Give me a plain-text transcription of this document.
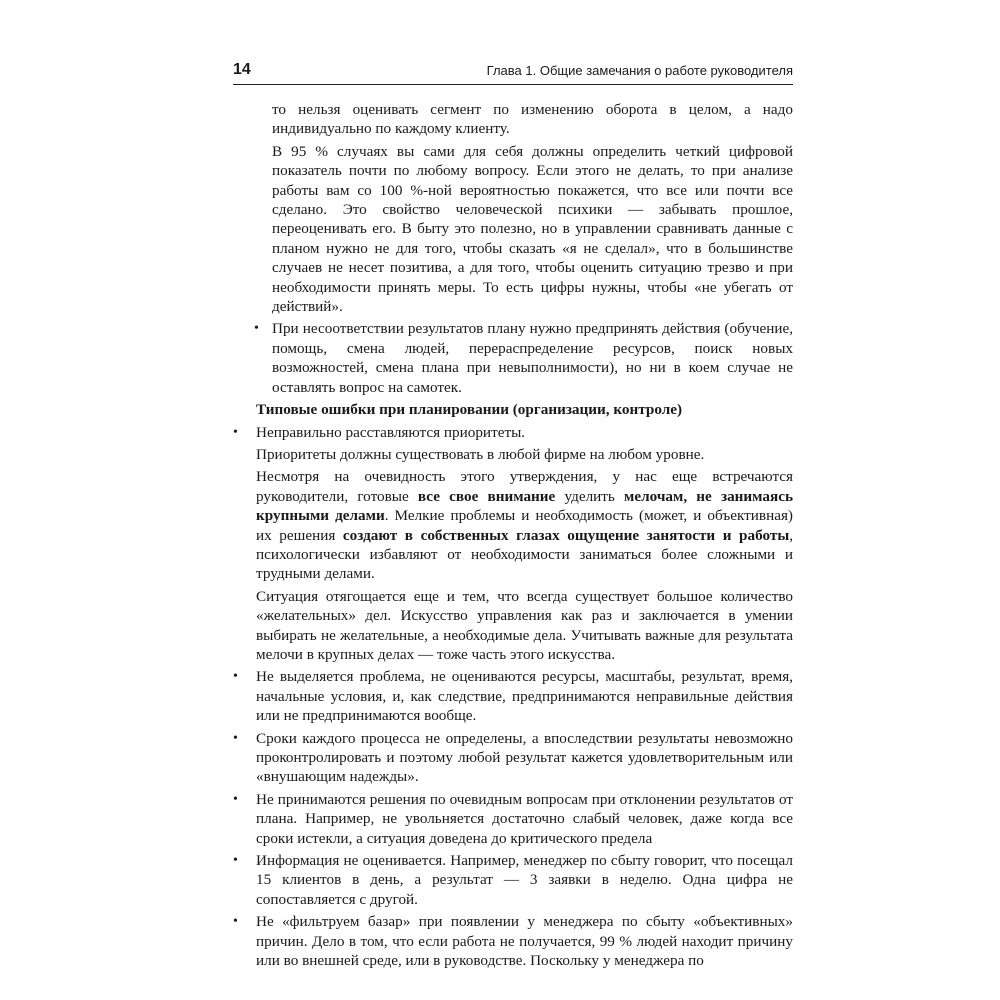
14	Глава 1. Общие замечания о работе руководителя

то нельзя оценивать сегмент по изменению оборота в целом, а надо индивидуально по каждому клиенту.

В 95 % случаях вы сами для себя должны определить четкий цифровой показатель почти по любому вопросу. Если этого не делать, то при анализе работы вам со 100 %-ной вероятностью покажется, что все или почти все сделано. Это свойство человеческой психики — забывать прошлое, переоценивать его. В быту это полезно, но в управлении сравнивать данные с планом нужно не для того, чтобы сказать «я не сделал», что в большинстве случаев не несет позитива, а для того, чтобы оценить ситуацию трезво и при необходимости принять меры. То есть цифры нужны, чтобы «не убегать от действий».

• При несоответствии результатов плану нужно предпринять действия (обучение, помощь, смена людей, перераспределение ресурсов, поиск новых возможностей, смена плана при невыполнимости), но ни в коем случае не оставлять вопрос на самотек.

Типовые ошибки при планировании (организации, контроле)

• Неправильно расставляются приоритеты.

Приоритеты должны существовать в любой фирме на любом уровне.

Несмотря на очевидность этого утверждения, у нас еще встречаются руководители, готовые все свое внимание уделить мелочам, не занимаясь крупными делами. Мелкие проблемы и необходимость (может, и объективная) их решения создают в собственных глазах ощущение занятости и работы, психологически избавляют от необходимости заниматься более сложными и трудными делами.

Ситуация отягощается еще и тем, что всегда существует большое количество «желательных» дел. Искусство управления как раз и заключается в умении выбирать не желательные, а необходимые дела. Учитывать важные для результата мелочи в крупных делах — тоже часть этого искусства.

• Не выделяется проблема, не оцениваются ресурсы, масштабы, результат, время, начальные условия, и, как следствие, предпринимаются неправильные действия или не предпринимаются вообще.

• Сроки каждого процесса не определены, а впоследствии результаты невозможно проконтролировать и поэтому любой результат кажется удовлетворительным или «внушающим надежды».

• Не принимаются решения по очевидным вопросам при отклонении результатов от плана. Например, не увольняется достаточно слабый человек, даже когда все сроки истекли, а ситуация доведена до критического предела

• Информация не оценивается. Например, менеджер по сбыту говорит, что посещал 15 клиентов в день, а результат — 3 заявки в неделю. Одна цифра не сопоставляется с другой.

• Не «фильтруем базар» при появлении у менеджера по сбыту «объективных» причин. Дело в том, что если работа не получается, 99 % людей находит причину или во внешней среде, или в руководстве. Поскольку у менеджера по
